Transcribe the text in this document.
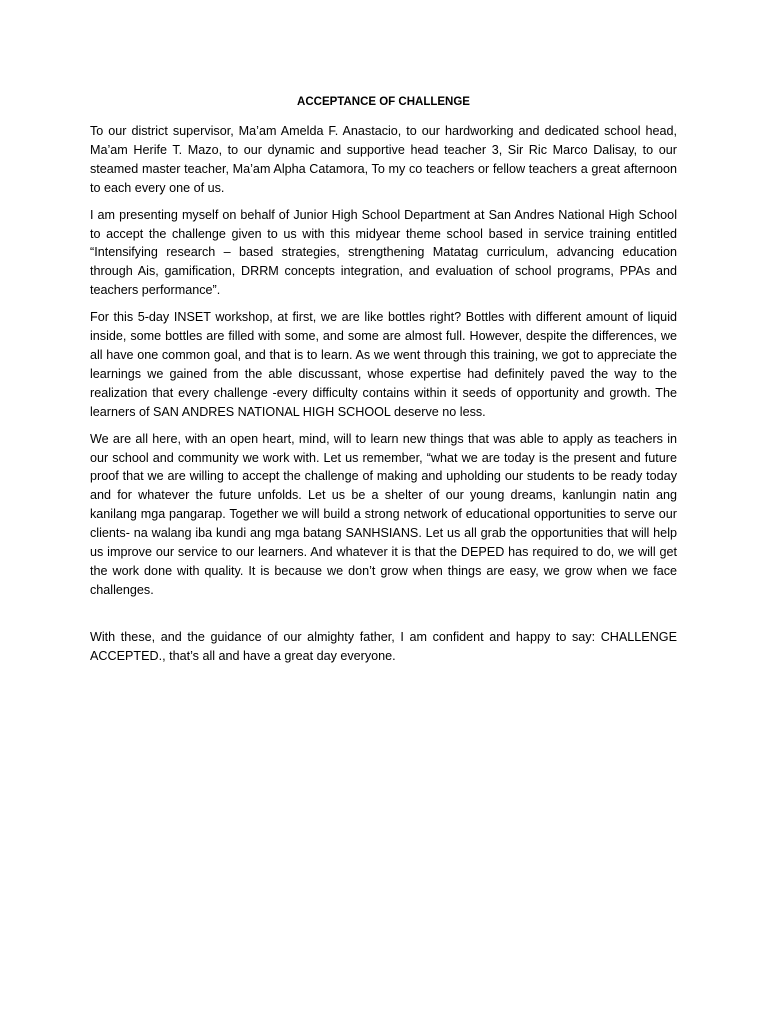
ACCEPTANCE OF CHALLENGE

To our district supervisor, Ma’am Amelda F. Anastacio, to our hardworking and dedicated school head, Ma’am Herife T. Mazo, to our dynamic and supportive head teacher 3, Sir Ric Marco Dalisay, to our steamed master teacher, Ma’am Alpha Catamora, To my co teachers or fellow teachers a great afternoon to each every one of us.

I am presenting myself on behalf of Junior High School Department at San Andres National High School to accept the challenge given to us with this midyear theme school based in service training entitled “Intensifying research – based strategies, strengthening Matatag curriculum, advancing education through Ais, gamification, DRRM concepts integration, and evaluation of school programs, PPAs and teachers performance”.

For this 5-day INSET workshop, at first, we are like bottles right? Bottles with different amount of liquid inside, some bottles are filled with some, and some are almost full. However, despite the differences, we all have one common goal, and that is to learn. As we went through this training, we got to appreciate the learnings we gained from the able discussant, whose expertise had definitely paved the way to the realization that every challenge -every difficulty contains within it seeds of opportunity and growth. The learners of SAN ANDRES NATIONAL HIGH SCHOOL deserve no less.

We are all here, with an open heart, mind, will to learn new things that was able to apply as teachers in our school and community we work with. Let us remember, “what we are today is the present and future proof that we are willing to accept the challenge of making and upholding our students to be ready today and for whatever the future unfolds. Let us be a shelter of our young dreams, kanlungin natin ang kanilang mga pangarap. Together we will build a strong network of educational opportunities to serve our clients- na walang iba kundi ang mga batang SANHSIANS. Let us all grab the opportunities that will help us improve our service to our learners. And whatever it is that the DEPED has required to do, we will get the work done with quality. It is because we don’t grow when things are easy, we grow when we face challenges.

With these, and the guidance of our almighty father, I am confident and happy to say: CHALLENGE ACCEPTED., that’s all and have a great day everyone.
